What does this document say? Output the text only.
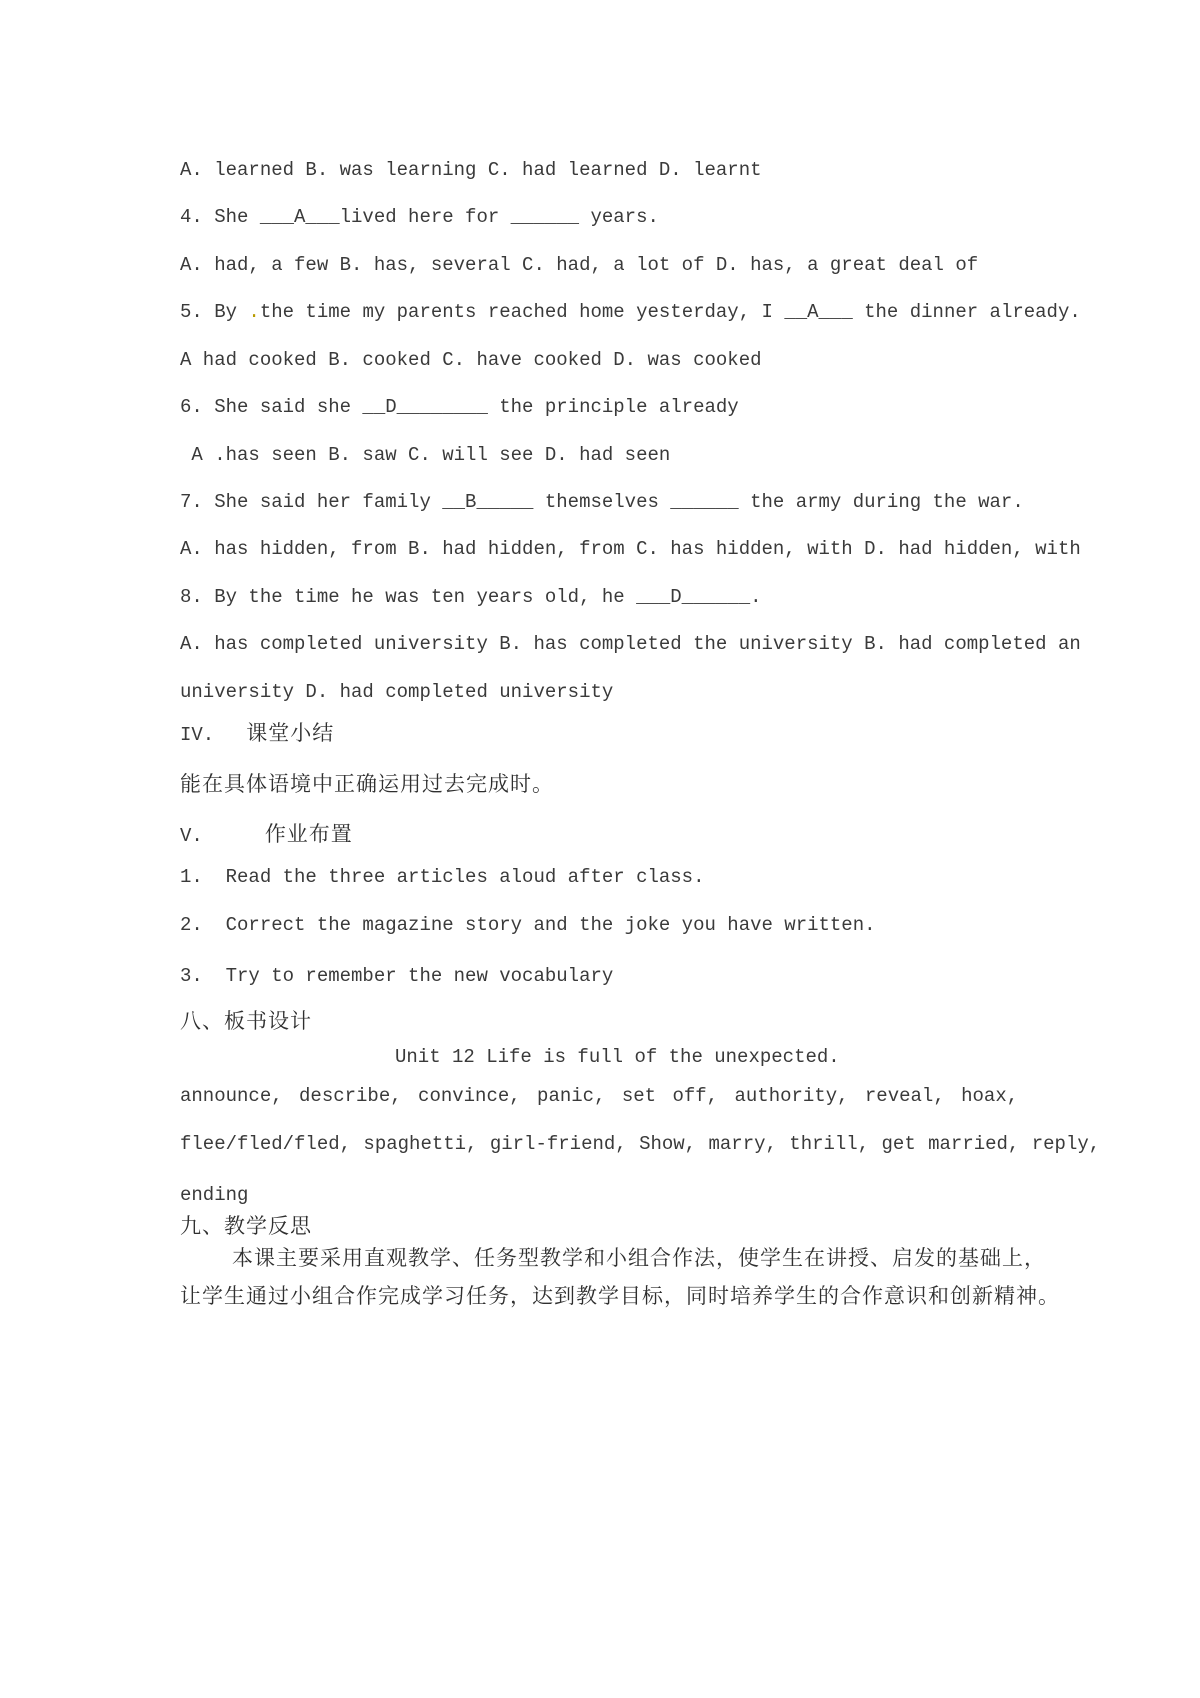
A. learned B. was learning C. had learned D. learnt
4. She ___A___lived here for ______ years.
A. had, a few B. has, several C. had, a lot of D. has, a great deal of
5. By .the time my parents reached home yesterday, I __A___ the dinner already.
A had cooked B. cooked C. have cooked D. was cooked
6. She said she __D________ the principle already
A .has seen B. saw C. will see D. had seen
7. She said her family __B_____ themselves ______ the army during the war.
A. has hidden, from B. had hidden, from C. has hidden, with D. had hidden, with
8. By the time he was ten years old, he ___D______.
A. has completed university B. has completed the university B. had completed an
university D. had completed university
IV. 课堂小结
能在具体语境中正确运用过去完成时。
V.	作业布置
1.  Read the three articles aloud after class.
2.  Correct the magazine story and the joke you have written.
3.  Try to remember the new vocabulary
八、板书设计
Unit 12 Life is full of the unexpected.
announce, describe, convince, panic, set off, authority, reveal, hoax,
flee/fled/fled, spaghetti, girl-friend, Show, marry, thrill, get married, reply,
ending
九、教学反思
本课主要采用直观教学、任务型教学和小组合作法，使学生在讲授、启发的基础上，
让学生通过小组合作完成学习任务，达到教学目标，同时培养学生的合作意识和创新精神。
